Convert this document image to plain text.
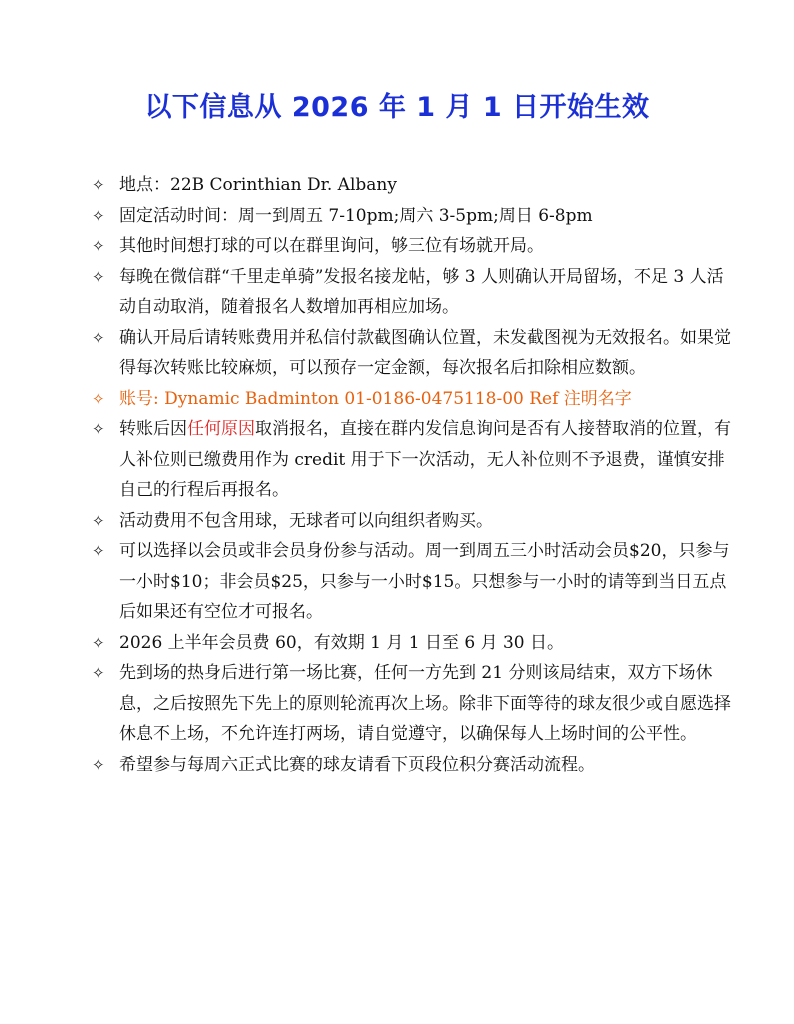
以下信息从 2026 年 1 月 1 日开始生效
✧ 地点：22B Corinthian Dr. Albany
✧ 固定活动时间：周一到周五 7-10pm;周六 3-5pm;周日 6-8pm
✧ 其他时间想打球的可以在群里询问，够三位有场就开局。
✧ 每晚在微信群“千里走单骑”发报名接龙帖，够 3 人则确认开局留场，不足 3 人活动自动取消，随着报名人数增加再相应加场。
✧ 确认开局后请转账费用并私信付款截图确认位置，未发截图视为无效报名。如果觉得每次转账比较麻烦，可以预存一定金额，每次报名后扣除相应数额。
✧ 账号: Dynamic Badminton 01-0186-0475118-00 Ref 注明名字
✧ 转账后因任何原因取消报名，直接在群内发信息询问是否有人接替取消的位置，有人补位则已缴费用作为 credit 用于下一次活动，无人补位则不予退费，谨慎安排自己的行程后再报名。
✧ 活动费用不包含用球，无球者可以向组织者购买。
✧ 可以选择以会员或非会员身份参与活动。周一到周五三小时活动会员$20，只参与一小时$10；非会员$25，只参与一小时$15。只想参与一小时的请等到当日五点后如果还有空位才可报名。
✧ 2026 上半年会员费 60，有效期 1 月 1 日至 6 月 30 日。
✧ 先到场的热身后进行第一场比赛，任何一方先到 21 分则该局结束，双方下场休息，之后按照先下先上的原则轮流再次上场。除非下面等待的球友很少或自愿选择休息不上场，不允许连打两场，请自觉遵守，以确保每人上场时间的公平性。
✧ 希望参与每周六正式比赛的球友请看下页段位积分赛活动流程。
